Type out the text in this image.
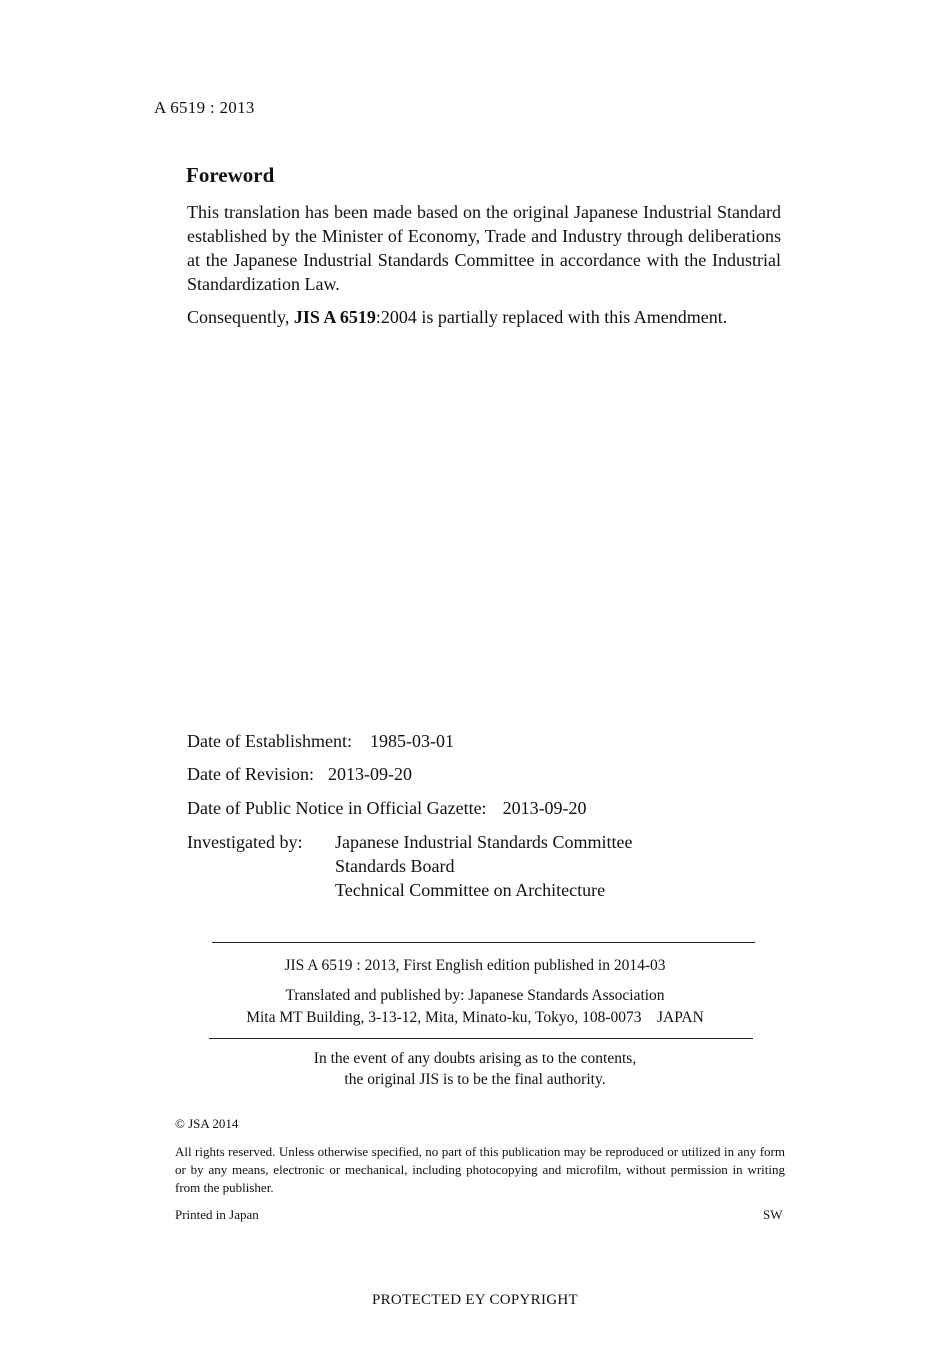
A 6519 : 2013
Foreword
This translation has been made based on the original Japanese Industrial Standard established by the Minister of Economy, Trade and Industry through deliberations at the Japanese Industrial Standards Committee in accordance with the Industrial Standardization Law.
Consequently, JIS A 6519:2004 is partially replaced with this Amendment.
Date of Establishment: 1985-03-01
Date of Revision: 2013-09-20
Date of Public Notice in Official Gazette: 2013-09-20
Investigated by: Japanese Industrial Standards Committee
Standards Board
Technical Committee on Architecture
JIS A 6519 : 2013, First English edition published in 2014-03
Translated and published by: Japanese Standards Association
Mita MT Building, 3-13-12, Mita, Minato-ku, Tokyo, 108-0073    JAPAN
In the event of any doubts arising as to the contents,
the original JIS is to be the final authority.
© JSA 2014
All rights reserved. Unless otherwise specified, no part of this publication may be reproduced or utilized in any form or by any means, electronic or mechanical, including photocopying and microfilm, without permission in writing from the publisher.
Printed in Japan	SW
PROTECTED ⁠Ε⁠Y COPYRIGHT
